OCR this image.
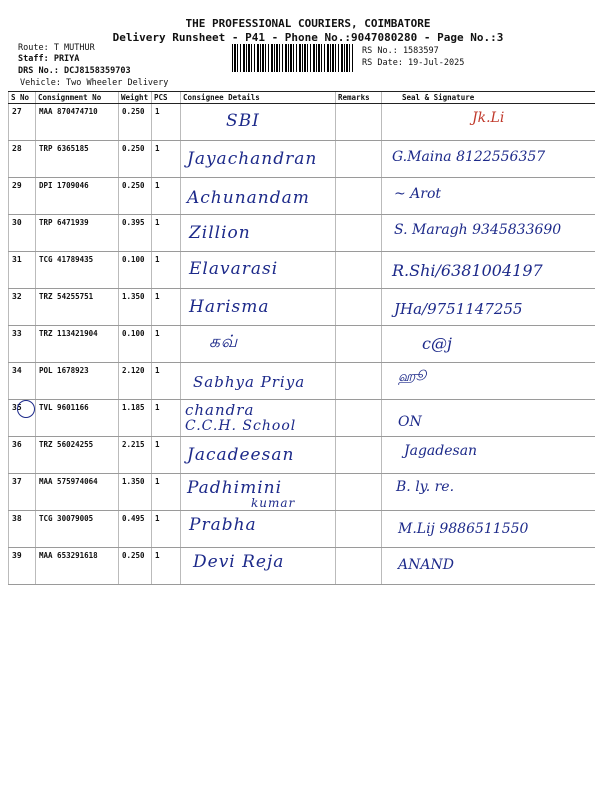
THE PROFESSIONAL COURIERS, COIMBATORE
Delivery Runsheet - P41 - Phone No.:9047080280 - Page No.:3
Route: T MUTHUR
Staff: PRIYA
DRS No.: DCJ8158359703
Vehicle: Two Wheeler Delivery
RS No.: 1583597
RS Date: 19-Jul-2025
S No	Consignment No	Weight	PCS	Consignee Details	Remarks	Seal & Signature
27	MAA 870474710	0.250	1	SBI		Jk.Li

28	TRP 6365185	0.250	1	Jayachandran		G.Maina 8122556357

29	DPI 1709046	0.250	1	Achunandam		~ Arot

30	TRP 6471939	0.395	1	Zillion		S. Maragh 9345833690

31	TCG 41789435	0.100	1	Elavarasi		R.Shi/6381004197

32	TRZ 54255751	1.350	1	Harisma		JHa/9751147255

33	TRZ 113421904	0.100	1	கவ்		c@j

34	POL 1678923	2.120	1	Sabhya Priya		ஹூ

35	TVL 9601166	1.185	1	chandra
C.C.H. School		ON

36	TRZ 56024255	2.215	1	Jacadeesan		Jagadesan

37	MAA 575974064	1.350	1	Padhimini
kumar		B. ly. re.

38	TCG 30079005	0.495	1	Prabha		M.Lij 9886511550

39	MAA 653291618	0.250	1	Devi Reja		ANAND
